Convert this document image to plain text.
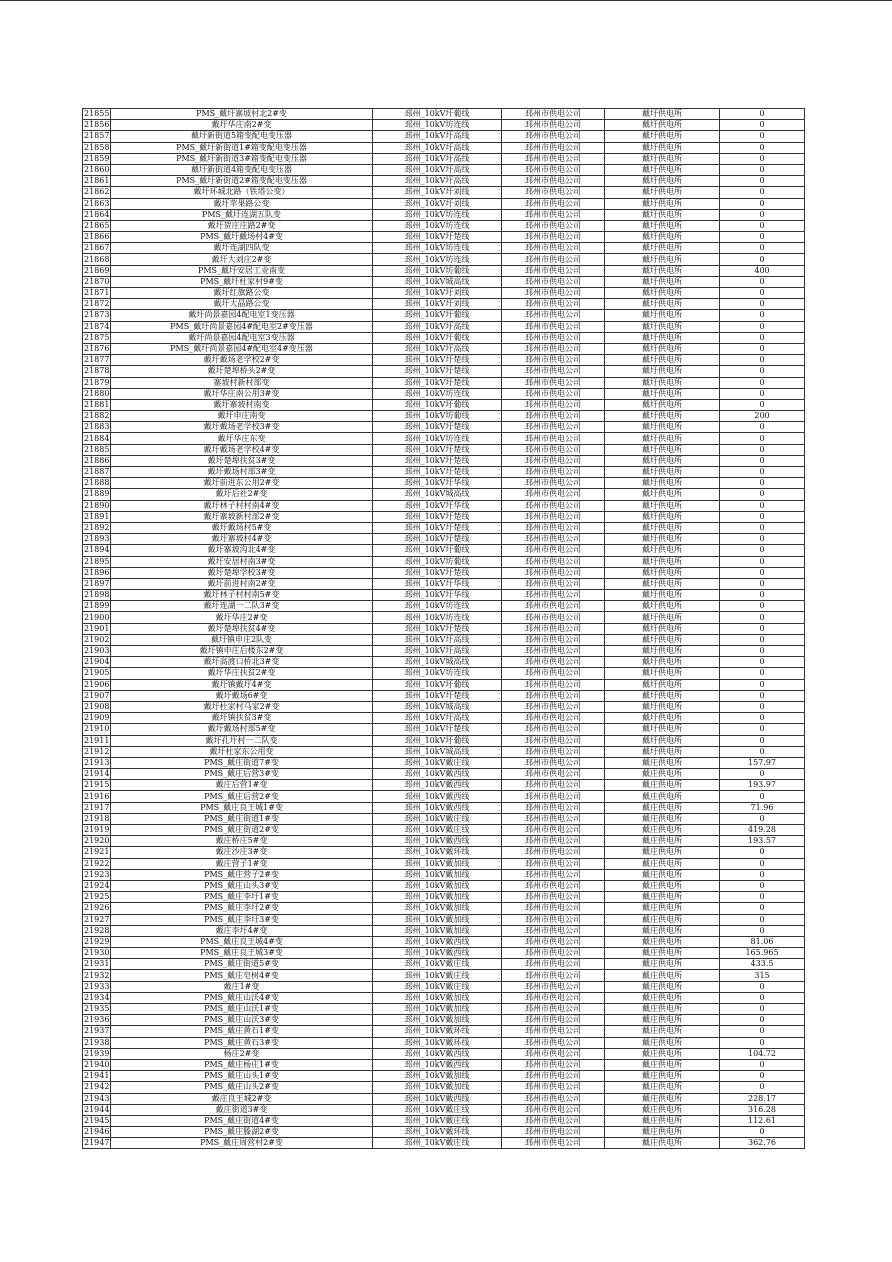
21855	PMS_戴圩寨坡村北2#变	邳州_10kV圩葡线	邳州市供电公司	戴圩供电所	0
21856	戴圩华庄南2#变	邳州_10kV坊连线	邳州市供电公司	戴圩供电所	0
21857	戴圩新街道5箱变配电变压器	邳州_10kV圩高线	邳州市供电公司	戴圩供电所	0
21858	PMS_戴圩新街道1#箱变配电变压器	邳州_10kV圩高线	邳州市供电公司	戴圩供电所	0
21859	PMS_戴圩新街道3#箱变配电变压器	邳州_10kV圩高线	邳州市供电公司	戴圩供电所	0
21860	戴圩新街道4箱变配电变压器	邳州_10kV圩高线	邳州市供电公司	戴圩供电所	0
21861	PMS_戴圩新街道2#箱变配电变压器	邳州_10kV圩高线	邳州市供电公司	戴圩供电所	0
21862	戴圩环城北路（铁塔公变）	邳州_10kV圩刘线	邳州市供电公司	戴圩供电所	0
21863	戴圩苹果路公变	邳州_10kV圩刘线	邳州市供电公司	戴圩供电所	0
21864	PMS_戴圩连湖五队变	邳州_10kV坊连线	邳州市供电公司	戴圩供电所	0
21865	戴圩贺庄庄路2#变	邳州_10kV坊连线	邳州市供电公司	戴圩供电所	0
21866	PMS_戴圩戴场村4#变	邳州_10kV圩楚线	邳州市供电公司	戴圩供电所	0
21867	戴圩连湖四队变	邳州_10kV坊连线	邳州市供电公司	戴圩供电所	0
21868	戴圩大刘庄2#变	邳州_10kV坊连线	邳州市供电公司	戴圩供电所	0
21869	PMS_戴圩安居工业南变	邳州_10kV坊葡线	邳州市供电公司	戴圩供电所	400
21870	PMS_戴圩杜家村9#变	邳州_10kV城高线	邳州市供电公司	戴圩供电所	0
21871	戴圩红旗路公变	邳州_10kV圩刘线	邳州市供电公司	戴圩供电所	0
21872	戴圩大晶路公变	邳州_10kV圩刘线	邳州市供电公司	戴圩供电所	0
21873	戴圩尚景嘉园4配电室1变压器	邳州_10kV圩葡线	邳州市供电公司	戴圩供电所	0
21874	PMS_戴圩尚景嘉园4#配电室2#变压器	邳州_10kV圩高线	邳州市供电公司	戴圩供电所	0
21875	戴圩尚景嘉园4配电室3变压器	邳州_10kV圩葡线	邳州市供电公司	戴圩供电所	0
21876	PMS_戴圩尚景嘉园4#配电室4#变压器	邳州_10kV圩高线	邳州市供电公司	戴圩供电所	0
21877	戴圩戴场老学校2#变	邳州_10kV圩楚线	邳州市供电公司	戴圩供电所	0
21878	戴圩楚埠桥头2#变	邳州_10kV圩楚线	邳州市供电公司	戴圩供电所	0
21879	寨坡村新村部变	邳州_10kV圩楚线	邳州市供电公司	戴圩供电所	0
21880	戴圩华庄南公用3#变	邳州_10kV坊连线	邳州市供电公司	戴圩供电所	0
21881	戴圩寨坡村南变	邳州_10kV圩葡线	邳州市供电公司	戴圩供电所	0
21882	戴圩申庄南变	邳州_10kV坊葡线	邳州市供电公司	戴圩供电所	200
21883	戴圩戴场老学校3#变	邳州_10kV圩楚线	邳州市供电公司	戴圩供电所	0
21884	戴圩华庄东变	邳州_10kV坊连线	邳州市供电公司	戴圩供电所	0
21885	戴圩戴场老学校4#变	邳州_10kV圩楚线	邳州市供电公司	戴圩供电所	0
21886	戴圩楚埠扶贫3#变	邳州_10kV圩楚线	邳州市供电公司	戴圩供电所	0
21887	戴圩戴场村部3#变	邳州_10kV圩楚线	邳州市供电公司	戴圩供电所	0
21888	戴圩前进东公用2#变	邳州_10kV圩华线	邳州市供电公司	戴圩供电所	0
21889	戴圩后社2#变	邳州_10kV城高线	邳州市供电公司	戴圩供电所	0
21890	戴圩林子村村南4#变	邳州_10kV圩华线	邳州市供电公司	戴圩供电所	0
21891	戴圩寨坡新村部2#变	邳州_10kV圩楚线	邳州市供电公司	戴圩供电所	0
21892	戴圩戴场村5#变	邳州_10kV圩楚线	邳州市供电公司	戴圩供电所	0
21893	戴圩寨坡村4#变	邳州_10kV圩楚线	邳州市供电公司	戴圩供电所	0
21894	戴圩寨坡沟北4#变	邳州_10kV圩葡线	邳州市供电公司	戴圩供电所	0
21895	戴圩安居村南3#变	邳州_10kV坊葡线	邳州市供电公司	戴圩供电所	0
21896	戴圩楚埠学校3#变	邳州_10kV圩楚线	邳州市供电公司	戴圩供电所	0
21897	戴圩前进村南2#变	邳州_10kV圩华线	邳州市供电公司	戴圩供电所	0
21898	戴圩林子村村南5#变	邳州_10kV圩华线	邳州市供电公司	戴圩供电所	0
21899	戴圩连湖一二队3#变	邳州_10kV坊连线	邳州市供电公司	戴圩供电所	0
21900	戴圩华庄2#变	邳州_10kV坊连线	邳州市供电公司	戴圩供电所	0
21901	戴圩楚埠扶贫4#变	邳州_10kV圩楚线	邳州市供电公司	戴圩供电所	0
21902	戴圩镇申庄2队变	邳州_10kV圩高线	邳州市供电公司	戴圩供电所	0
21903	戴圩镇申庄后楼东2#变	邳州_10kV圩高线	邳州市供电公司	戴圩供电所	0
21904	戴圩高渡口桥北3#变	邳州_10kV城高线	邳州市供电公司	戴圩供电所	0
21905	戴圩华庄扶贫2#变	邳州_10kV坊连线	邳州市供电公司	戴圩供电所	0
21906	戴圩镇戴圩4#变	邳州_10kV圩葡线	邳州市供电公司	戴圩供电所	0
21907	戴圩戴场6#变	邳州_10kV圩楚线	邳州市供电公司	戴圩供电所	0
21908	戴圩杜家村马家2#变	邳州_10kV城高线	邳州市供电公司	戴圩供电所	0
21909	戴圩镇扶贫3#变	邳州_10kV圩高线	邳州市供电公司	戴圩供电所	0
21910	戴圩戴场村部5#变	邳州_10kV圩楚线	邳州市供电公司	戴圩供电所	0
21911	戴圩孔圩村一二队变	邳州_10kV圩葡线	邳州市供电公司	戴圩供电所	0
21912	戴圩杜家东公用变	邳州_10kV城高线	邳州市供电公司	戴圩供电所	0
21913	PMS_戴庄街道7#变	邳州_10kV戴庄线	邳州市供电公司	戴庄供电所	157.97
21914	PMS_戴庄后营3#变	邳州_10kV戴西线	邳州市供电公司	戴庄供电所	0
21915	戴庄后营1#变	邳州_10kV戴西线	邳州市供电公司	戴庄供电所	193.97
21916	PMS_戴庄后营2#变	邳州_10kV戴西线	邳州市供电公司	戴庄供电所	0
21917	PMS_戴庄良王城1#变	邳州_10kV戴西线	邳州市供电公司	戴庄供电所	71.96
21918	PMS_戴庄街道1#变	邳州_10kV戴庄线	邳州市供电公司	戴庄供电所	0
21919	PMS_戴庄街道2#变	邳州_10kV戴庄线	邳州市供电公司	戴庄供电所	419.28
21920	戴庄桥庄5#变	邳州_10kV戴西线	邳州市供电公司	戴庄供电所	193.57
21921	戴庄沙庄3#变	邳州_10kV戴环线	邳州市供电公司	戴庄供电所	0
21922	戴庄营子1#变	邳州_10kV戴加线	邳州市供电公司	戴庄供电所	0
21923	PMS_戴庄营子2#变	邳州_10kV戴加线	邳州市供电公司	戴庄供电所	0
21924	PMS_戴庄山头3#变	邳州_10kV戴加线	邳州市供电公司	戴庄供电所	0
21925	PMS_戴庄李圩1#变	邳州_10kV戴加线	邳州市供电公司	戴庄供电所	0
21926	PMS_戴庄李圩2#变	邳州_10kV戴加线	邳州市供电公司	戴庄供电所	0
21927	PMS_戴庄李圩3#变	邳州_10kV戴加线	邳州市供电公司	戴庄供电所	0
21928	戴庄李圩4#变	邳州_10kV戴加线	邳州市供电公司	戴庄供电所	0
21929	PMS_戴庄良王城4#变	邳州_10kV戴西线	邳州市供电公司	戴庄供电所	81.06
21930	PMS_戴庄良王城3#变	邳州_10kV戴西线	邳州市供电公司	戴庄供电所	165.965
21931	PMS_戴庄街道5#变	邳州_10kV戴庄线	邳州市供电公司	戴庄供电所	433.5
21932	PMS_戴庄皂树4#变	邳州_10kV戴庄线	邳州市供电公司	戴庄供电所	315
21933	戴庄1#变	邳州_10kV戴庄线	邳州市供电公司	戴庄供电所	0
21934	PMS_戴庄山沃4#变	邳州_10kV戴加线	邳州市供电公司	戴庄供电所	0
21935	PMS_戴庄山沃1#变	邳州_10kV戴加线	邳州市供电公司	戴庄供电所	0
21936	PMS_戴庄山沃3#变	邳州_10kV戴加线	邳州市供电公司	戴庄供电所	0
21937	PMS_戴庄黄石1#变	邳州_10kV戴环线	邳州市供电公司	戴庄供电所	0
21938	PMS_戴庄黄石3#变	邳州_10kV戴环线	邳州市供电公司	戴庄供电所	0
21939	杨庄2#变	邳州_10kV戴西线	邳州市供电公司	戴庄供电所	104.72
21940	PMS_戴庄杨庄1#变	邳州_10kV戴西线	邳州市供电公司	戴庄供电所	0
21941	PMS_戴庄山头1#变	邳州_10kV戴加线	邳州市供电公司	戴庄供电所	0
21942	PMS_戴庄山头2#变	邳州_10kV戴加线	邳州市供电公司	戴庄供电所	0
21943	戴庄良王城2#变	邳州_10kV戴西线	邳州市供电公司	戴庄供电所	228.17
21944	戴庄街道3#变	邳州_10kV戴庄线	邳州市供电公司	戴庄供电所	316.28
21945	PMS_戴庄街道4#变	邳州_10kV戴庄线	邳州市供电公司	戴庄供电所	112.61
21946	PMS_戴庄滕湖2#变	邳州_10kV戴环线	邳州市供电公司	戴庄供电所	0
21947	PMS_戴庄周营村2#变	邳州_10kV戴庄线	邳州市供电公司	戴庄供电所	362.76
